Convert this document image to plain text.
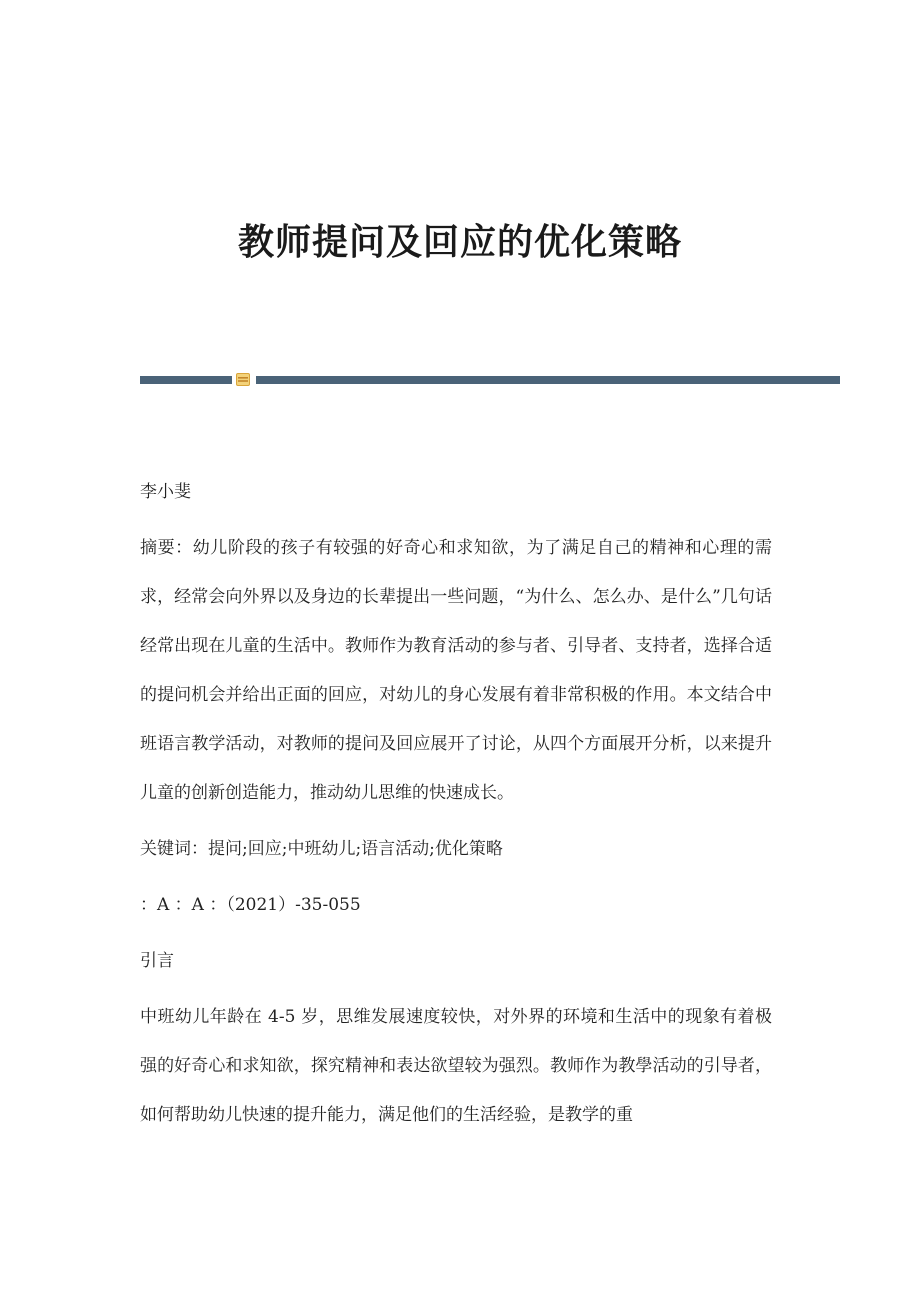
教师提问及回应的优化策略

李小斐

摘要：幼儿阶段的孩子有较强的好奇心和求知欲，为了满足自己的精神和心理的需求，经常会向外界以及身边的长辈提出一些问题，“为什么、怎么办、是什么”几句话经常出现在儿童的生活中。教师作为教育活动的参与者、引导者、支持者，选择合适的提问机会并给出正面的回应，对幼儿的身心发展有着非常积极的作用。本文结合中班语言教学活动，对教师的提问及回应展开了讨论，从四个方面展开分析，以来提升儿童的创新创造能力，推动幼儿思维的快速成长。

关键词：提问;回应;中班幼儿;语言活动;优化策略

：A ：A ：（2021）-35-055

引言

中班幼儿年龄在 4-5 岁，思维发展速度较快，对外界的环境和生活中的现象有着极强的好奇心和求知欲，探究精神和表达欲望较为强烈。教师作为教學活动的引导者，如何帮助幼儿快速的提升能力，满足他们的生活经验，是教学的重
